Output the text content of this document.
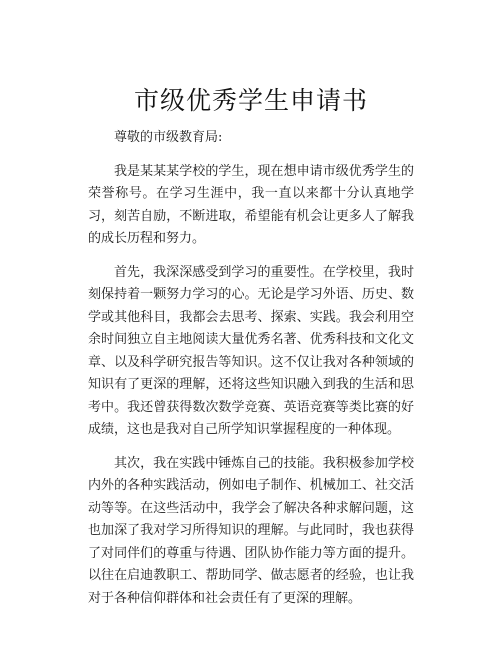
市级优秀学生申请书

尊敬的市级教育局:

我是某某某学校的学生，现在想申请市级优秀学生的荣誉称号。在学习生涯中，我一直以来都十分认真地学习，刻苦自励，不断进取，希望能有机会让更多人了解我的成长历程和努力。

首先，我深深感受到学习的重要性。在学校里，我时刻保持着一颗努力学习的心。无论是学习外语、历史、数学或其他科目，我都会去思考、探索、实践。我会利用空余时间独立自主地阅读大量优秀名著、优秀科技和文化文章、以及科学研究报告等知识。这不仅让我对各种领域的知识有了更深的理解，还将这些知识融入到我的生活和思考中。我还曾获得数次数学竞赛、英语竞赛等类比赛的好成绩，这也是我对自己所学知识掌握程度的一种体现。

其次，我在实践中锤炼自己的技能。我积极参加学校内外的各种实践活动，例如电子制作、机械加工、社交活动等等。在这些活动中，我学会了解决各种求解问题，这也加深了我对学习所得知识的理解。与此同时，我也获得了对同伴们的尊重与待遇、团队协作能力等方面的提升。以往在启迪教职工、帮助同学、做志愿者的经验，也让我对于各种信仰群体和社会责任有了更深的理解。
